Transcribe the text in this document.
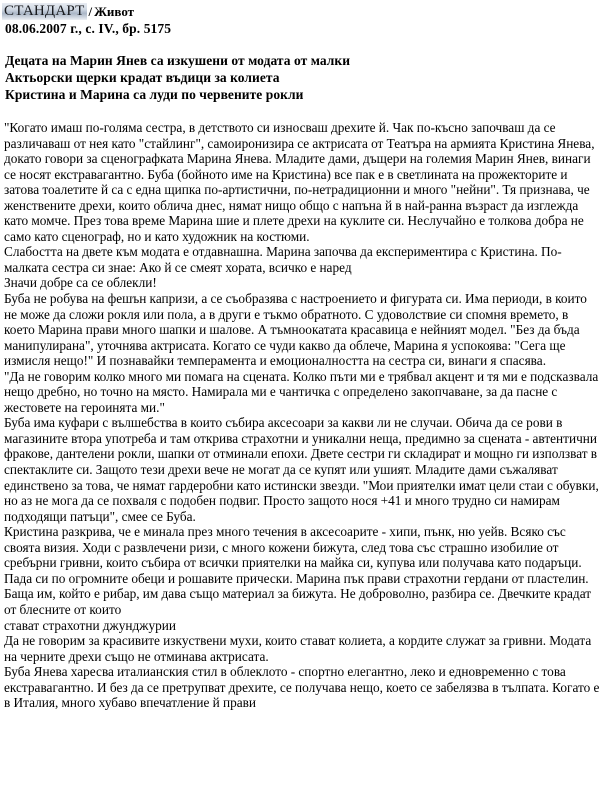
СТАНДАРТ / Живот
08.06.2007 г., с. IV., бр. 5175
Децата на Марин Янев са изкушени от модата от малки
Актьорски щерки крадат въдици за колиета
Кристина и Марина са луди по червените рокли

"Когато имаш по-голяма сестра, в детството си износваш дрехите й. Чак по-късно започваш да се различаваш от нея като "стайлинг", самоиронизира се актрисата от Театъра на армията Кристина Янева, докато говори за сценографката Марина Янева. Младите дами, дъщери на големия Марин Янев, винаги се носят екстравагантно. Буба (бойното име на Кристина) все пак е в светлината на прожекторите и затова тоалетите й са с една щипка по-артистични, по-нетрадиционни и много "нейни". Тя признава, че женствените дрехи, които облича днес, нямат нищо общо с напъна й в най-ранна възраст да изглежда като момче. През това време Марина шие и плете дрехи на куклите си. Неслучайно е толкова добра не само като сценограф, но и като художник на костюми.

Слабостта на двете към модата е отдавнашна. Марина започва да експериментира с Кристина. По-малката сестра си знае: Ако й се смеят хората, всичко е наред

Значи добре са се облекли!

Буба не робува на фешън капризи, а се съобразява с настроението и фигурата си. Има периоди, в които не може да сложи рокля или пола, а в други е тъкмо обратното. С удоволствие си спомня времето, в което Марина прави много шапки и шалове. А тъмноокатата красавица е нейният модел. "Без да бъда манипулирана", уточнява актрисата. Когато се чуди какво да облече, Марина я успокоява: "Сега ще измисля нещо!" И познавайки темперамента и емоционалността на сестра си, винаги я спасява.

"Да не говорим колко много ми помага на сцената. Колко пъти ми е трябвал акцент и тя ми е подсказвала нещо дребно, но точно на място. Намирала ми е чантичка с определено закопчаване, за да пасне с жестовете на героинята ми."

Буба има куфари с вълшебства в които събира аксесоари за какви ли не случаи. Обича да се рови в магазините втора употреба и там открива страхотни и уникални неща, предимно за сцената - автентични фракове, дантелени рокли, шапки от отминали епохи. Двете сестри ги складират и мощно ги използват в спектаклите си. Защото тези дрехи вече не могат да се купят или ушият. Младите дами съжаляват единствено за това, че нямат гардеробни като истински звезди. "Мои приятелки имат цели стаи с обувки, но аз не мога да се похваля с подобен подвиг. Просто защото нося +41 и много трудно си намирам подходящи патъци", смее се Буба.

Кристина разкрива, че е минала през много течения в аксесоарите - хипи, пънк, ню уейв. Всяко със своята визия. Ходи с развлечени ризи, с много кожени бижута, след това със страшно изобилие от сребърни гривни, които събира от всички приятелки на майка си, купува или получава като подаръци. Пада си по огромните обеци и рошавите прически. Марина пък прави страхотни гердани от пластелин. Баща им, който е рибар, им дава също материал за бижута. Не доброволно, разбира се. Двечките крадат от блесните от които

стават страхотни джунджурии

Да не говорим за красивите изкуствени мухи, които стават колиета, а кордите служат за гривни. Модата на черните дрехи също не отминава актрисата.

Буба Янева харесва италианския стил в облеклото - спортно елегантно, леко и едновременно с това екстравагантно. И без да се претрупват дрехите, се получава нещо, което се забелязва в тълпата. Когато е в Италия, много хубаво впечатление й прави
